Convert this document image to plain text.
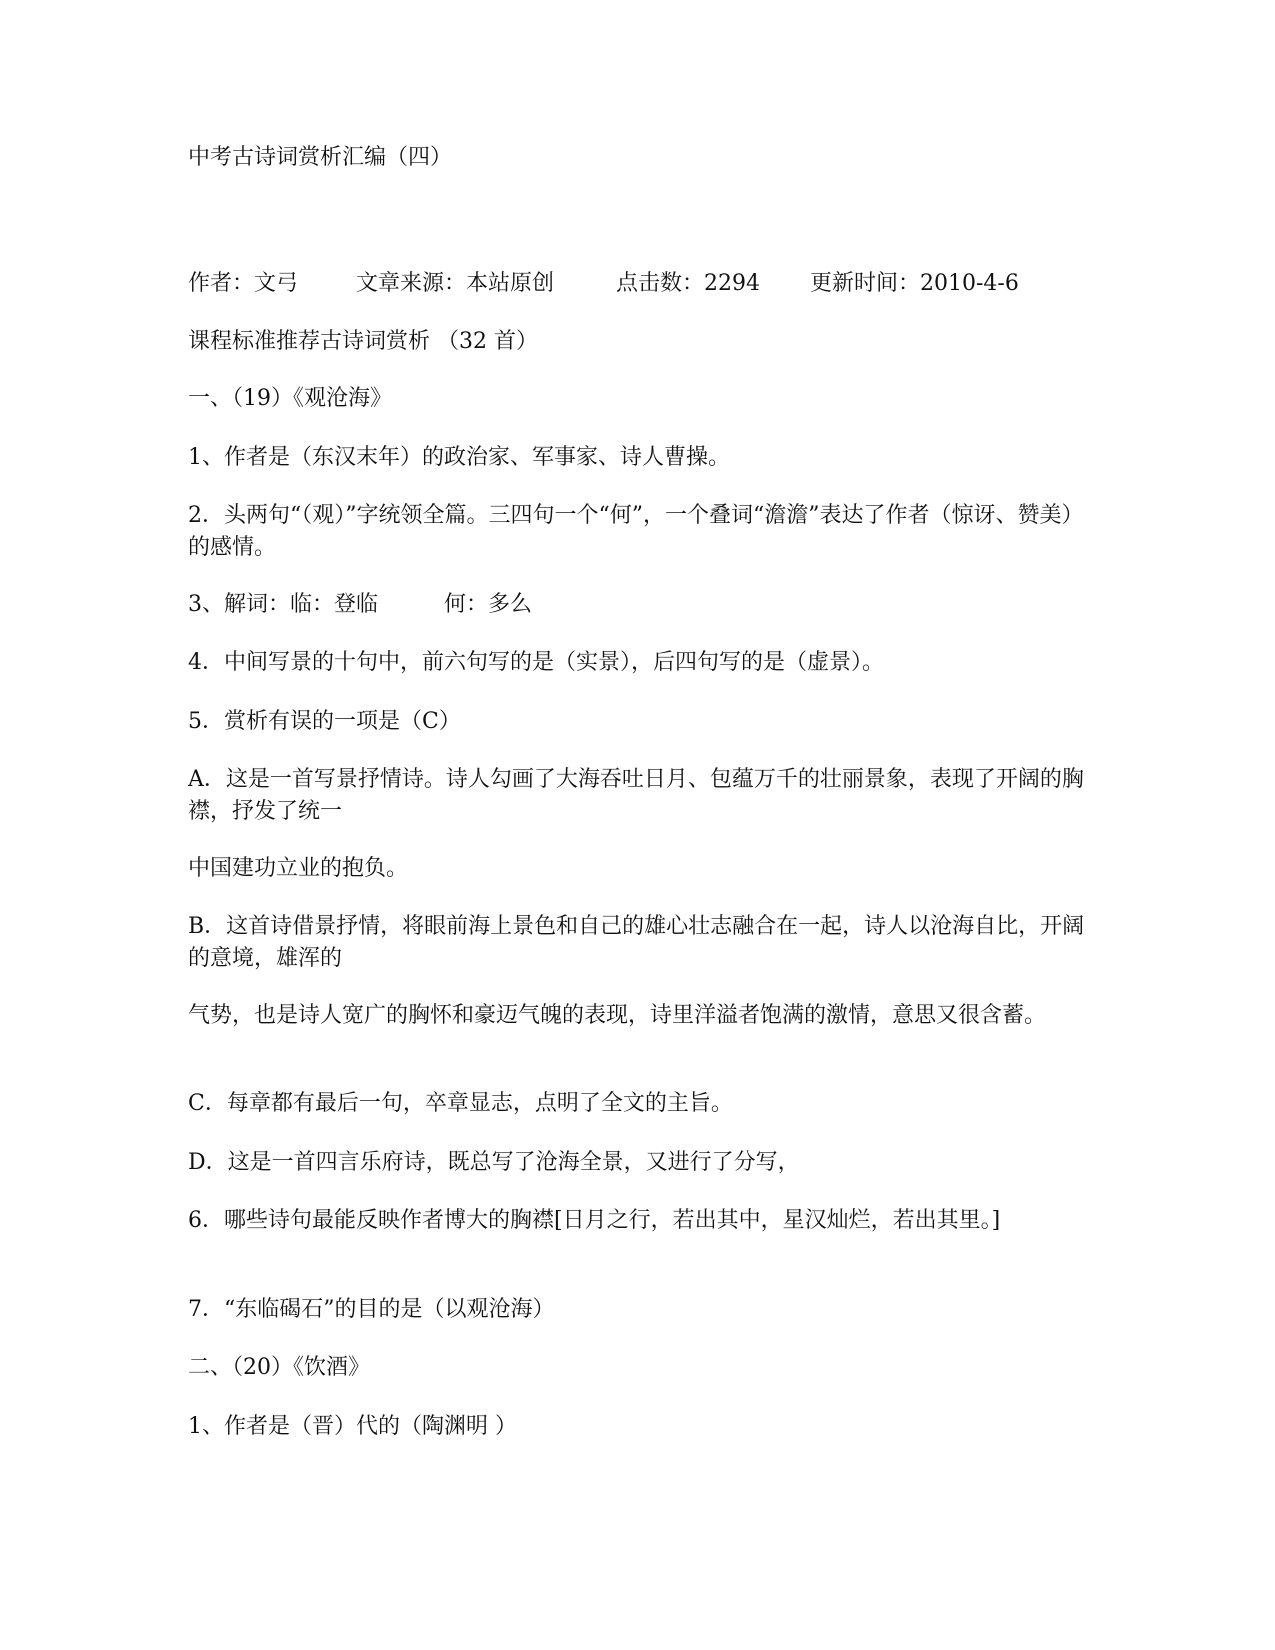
中考古诗词赏析汇编（四）
作者：文弓	文章来源：本站原创	点击数：2294 更新时间：2010-4-6
课程标准推荐古诗词赏析 （32 首）
一、（19）《观沧海》
1、作者是（东汉末年）的政治家、军事家、诗人曹操。
2．头两句“（观）”字统领全篇。三四句一个“何”，一个叠词“澹澹”表达了作者（惊讶、赞美）的感情。
3、解词：临：登临　　　何：多么
4．中间写景的十句中，前六句写的是（实景），后四句写的是（虚景）。
5．赏析有误的一项是（C）
A．这是一首写景抒情诗。诗人勾画了大海吞吐日月、包蕴万千的壮丽景象，表现了开阔的胸襟，抒发了统一
中国建功立业的抱负。
B．这首诗借景抒情，将眼前海上景色和自己的雄心壮志融合在一起，诗人以沧海自比，开阔的意境，雄浑的
气势，也是诗人宽广的胸怀和豪迈气魄的表现，诗里洋溢者饱满的激情，意思又很含蓄。
C．每章都有最后一句，卒章显志，点明了全文的主旨。
D．这是一首四言乐府诗，既总写了沧海全景，又进行了分写，
6．哪些诗句最能反映作者博大的胸襟[日月之行，若出其中，星汉灿烂，若出其里。]
7．“东临碣石”的目的是（以观沧海）
二、（20）《饮酒》
1、作者是（晋）代的（陶渊明 ）
